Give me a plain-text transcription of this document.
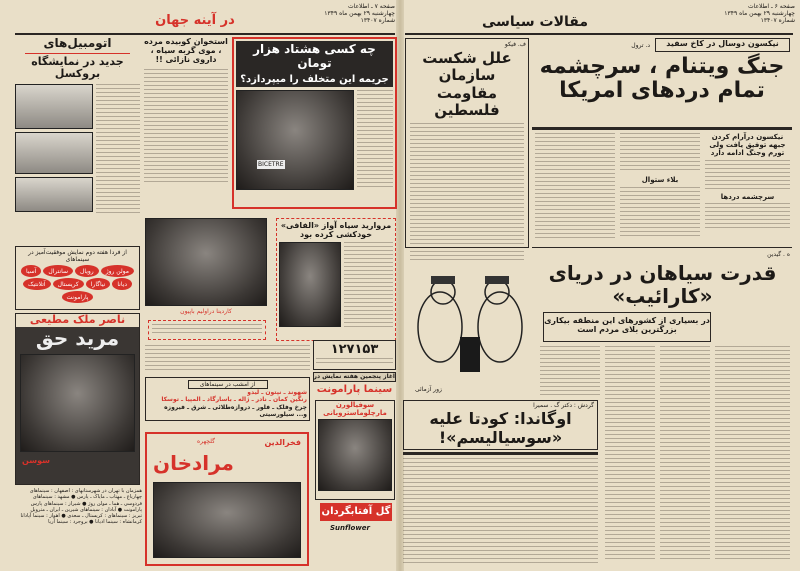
صفحه ۶ ـ اطلاعات
چهارشنبه ۲۹ بهمن ماه ۱۳۴۹
شماره ۱۳۴۰۷
مقالات سیاسی
ف. فیکو
علل شکست سازمان مقاومت فلسطین
نیکسون دوسال در کاخ سفید
د. ترول
جنگ ویتنام ، سرچشمه تمام دردهای امریکا
نیکسون درآرام کردن جبهه توفیق یافت ولی تورم وجنگ ادامه دارد
سرچشمه دردها
بلاء ستوال
ه . گیدین
قدرت سیاهان در دریای «کارائیب»
در بسیاری از کشورهای این منطقه بیکاری بزرگترین بلای مردم است
زور آزمائی
گردش : دکتر گ . سمیرا
اوگاندا: کودتا علیه «سوسیالیسم»!
صفحه ۷ ـ اطلاعات
چهارشنبه ۲۹ بهمن ماه ۱۳۴۹
شماره ۱۳۴۰۷
در آینه جهان
اتومبیل‌های
جدید در نمایشگاه بروکسل
استخوان کوبیده مرده ، موی گربه سیاه ، داروی نازائی !!
چه کسی هشتاد هزار تومان
جریمه این متخلف را میپردازد؟
BICETRE
از فردا هفته دوم نمایش موفقیت‌آمیز در سینماهای
مولن روژ
رویال
سانترال
آسیا
دیانا
نیاگارا
کریستال
آتلانتیک
پارامونت
ناصر ملک مطیعی
مرید حق
سوسن
همزمان با تهران در شهرستانهای : اصفهان : سینماهای
چهارباغ ـ مهتاب ـ مایاک ـ پارس ● مشهد : سینماهای
فردوسی ـ هما ـ مولن روژ ● شیراز : سینماهای پارس
پارامونت ● آبادان : سینماهای شیرین ـ ایران ـ متروپل
تبریز : سینماهای : کریستال ـ سعدی ● اهواز : سینما آپادانا
کرمانشاه : سینما ادیانا ● بروجرد : سینما آریا
کاردینا دراولیم باپیون
مروارید سیاه آواز «الفافی» خودکشی کرده بود
از امشب در سینماهای
شهوند ـ نپتون ـ لیدو
رنگین کمان ـ نادر ـ ژاله ـ باسارگاد ـ المپیا ـ توسکا
چرخ وفلک ـ فلور ـ دروازه‌طلائی ـ شرق ـ فیروزه
و... سیلورسیتی
فخرالدین
گلچهره
مرادخان
۱۲۷۱۵۳
آغاز پنجمین هفته نمایش در
سینما پارامونت
سوفیالورن مارچلوماستروبانی
گل آفتابگردان
Sunflower
